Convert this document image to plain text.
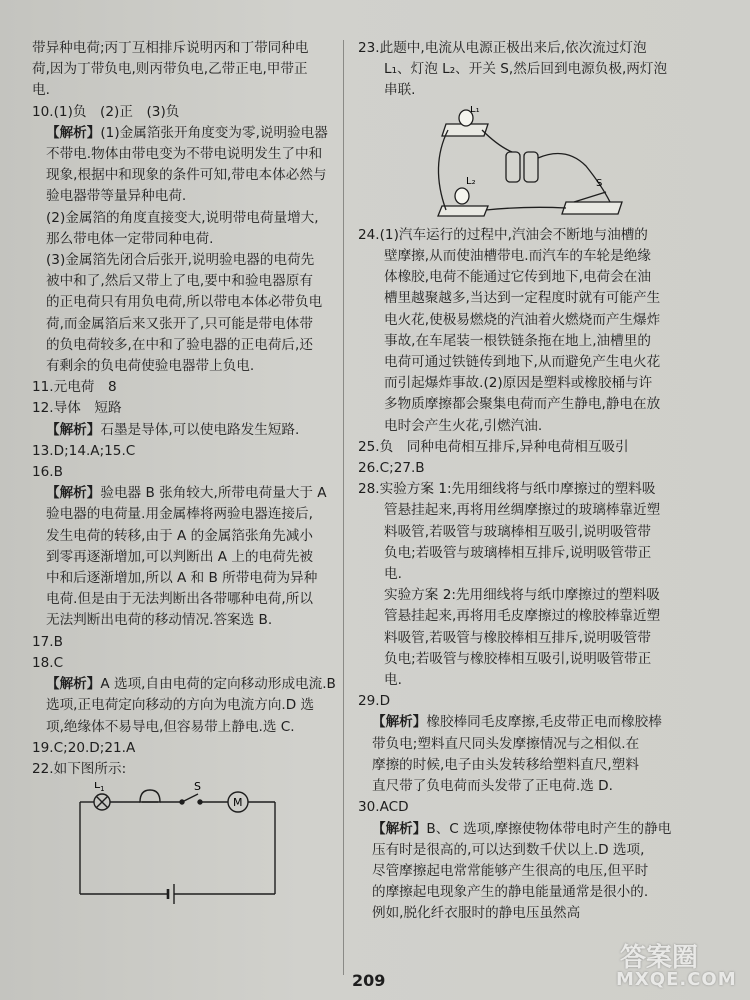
带异种电荷;丙丁互相排斥说明丙和丁带同种电

荷,因为丁带负电,则丙带负电,乙带正电,甲带正

电.

10.(1)负　(2)正　(3)负

【解析】(1)金属箔张开角度变为零,说明验电器

不带电.物体由带电变为不带电说明发生了中和

现象,根据中和现象的条件可知,带电本体必然与

验电器带等量异种电荷.

(2)金属箔的角度直接变大,说明带电荷量增大,

那么带电体一定带同种电荷.

(3)金属箔先闭合后张开,说明验电器的电荷先

被中和了,然后又带上了电,要中和验电器原有

的正电荷只有用负电荷,所以带电本体必带负电

荷,而金属箔后来又张开了,只可能是带电体带

的负电荷较多,在中和了验电器的正电荷后,还

有剩余的负电荷使验电器带上负电.

11.元电荷　8

12.导体　短路

【解析】石墨是导体,可以使电路发生短路.

13.D;14.A;15.C

16.B

【解析】验电器 B 张角较大,所带电荷量大于 A

验电器的电荷量.用金属棒将两验电器连接后,

发生电荷的转移,由于 A 的金属箔张角先减小

到零再逐渐增加,可以判断出 A 上的电荷先被

中和后逐渐增加,所以 A 和 B 所带电荷为异种

电荷.但是由于无法判断出各带哪种电荷,所以

无法判断出电荷的移动情况.答案选 B.

17.B

18.C

【解析】A 选项,自由电荷的定向移动形成电流.B

选项,正电荷定向移动的方向为电流方向.D 选

项,绝缘体不易导电,但容易带上静电.选 C.

19.C;20.D;21.A

22.如下图所示:

$L_1$	S
M

23.此题中,电流从电源正极出来后,依次流过灯泡

L₁、灯泡 L₂、开关 S,然后回到电源负极,两灯泡

串联.

L₁
L₂	S

24.(1)汽车运行的过程中,汽油会不断地与油槽的

壁摩擦,从而使油槽带电.而汽车的车轮是绝缘

体橡胶,电荷不能通过它传到地下,电荷会在油

槽里越聚越多,当达到一定程度时就有可能产生

电火花,使极易燃烧的汽油着火燃烧而产生爆炸

事故,在车尾装一根铁链条拖在地上,油槽里的

电荷可通过铁链传到地下,从而避免产生电火花

而引起爆炸事故.(2)原因是塑料或橡胶桶与许

多物质摩擦都会聚集电荷而产生静电,静电在放

电时会产生火花,引燃汽油.

25.负　同种电荷相互排斥,异种电荷相互吸引

26.C;27.B

28.实验方案 1:先用细线将与纸巾摩擦过的塑料吸

管悬挂起来,再将用丝绸摩擦过的玻璃棒靠近塑

料吸管,若吸管与玻璃棒相互吸引,说明吸管带

负电;若吸管与玻璃棒相互排斥,说明吸管带正

电.

实验方案 2:先用细线将与纸巾摩擦过的塑料吸

管悬挂起来,再将用毛皮摩擦过的橡胶棒靠近塑

料吸管,若吸管与橡胶棒相互排斥,说明吸管带

负电;若吸管与橡胶棒相互吸引,说明吸管带正

电.

29.D

【解析】橡胶棒同毛皮摩擦,毛皮带正电而橡胶棒

带负电;塑料直尺同头发摩擦情况与之相似.在

摩擦的时候,电子由头发转移给塑料直尺,塑料

直尺带了负电荷而头发带了正电荷.选 D.

30.ACD

【解析】B、C 选项,摩擦使物体带电时产生的静电

压有时是很高的,可以达到数千伏以上.D 选项,

尽管摩擦起电常常能够产生很高的电压,但平时

的摩擦起电现象产生的静电能量通常是很小的.

例如,脱化纤衣服时的静电压虽然高

209
答案圈
MXQE.COM
